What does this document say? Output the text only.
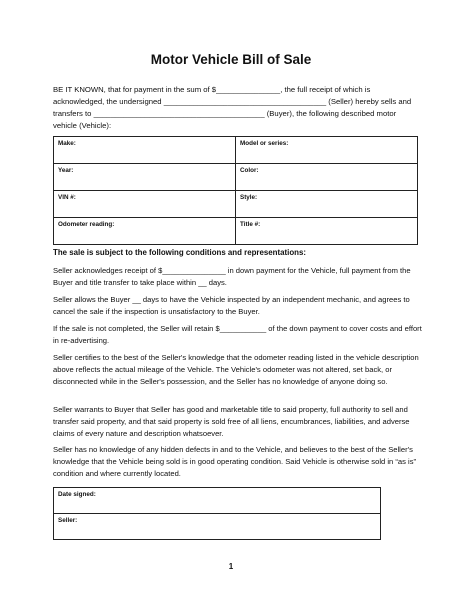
Motor Vehicle Bill of Sale
BE IT KNOWN, that for payment in the sum of $_______________, the full receipt of which is acknowledged, the undersigned ______________________________________ (Seller) hereby sells and transfers to ________________________________________ (Buyer), the following described motor vehicle (Vehicle):
Make:	Model or series:
Year:	Color:
VIN #:	Style:
Odometer reading:	Title #:
The sale is subject to the following conditions and representations:
Seller acknowledges receipt of $_______________ in down payment for the Vehicle, full payment from the Buyer and title transfer to take place within __ days.
Seller allows the Buyer __ days to have the Vehicle inspected by an independent mechanic, and agrees to cancel the sale if the inspection is unsatisfactory to the Buyer.
If the sale is not completed, the Seller will retain $___________ of the down payment to cover costs and effort in re-advertising.
Seller certifies to the best of the Seller's knowledge that the odometer reading listed in the vehicle description above reflects the actual mileage of the Vehicle. The Vehicle's odometer was not altered, set back, or disconnected while in the Seller's possession, and the Seller has no knowledge of anyone doing so.
Seller warrants to Buyer that Seller has good and marketable title to said property, full authority to sell and transfer said property, and that said property is sold free of all liens, encumbrances, liabilities, and adverse claims of every nature and description whatsoever.
Seller has no knowledge of any hidden defects in and to the Vehicle, and believes to the best of the Seller's knowledge that the Vehicle being sold is in good operating condition. Said Vehicle is otherwise sold in “as is” condition and where currently located.
Date signed:
Seller:
1
